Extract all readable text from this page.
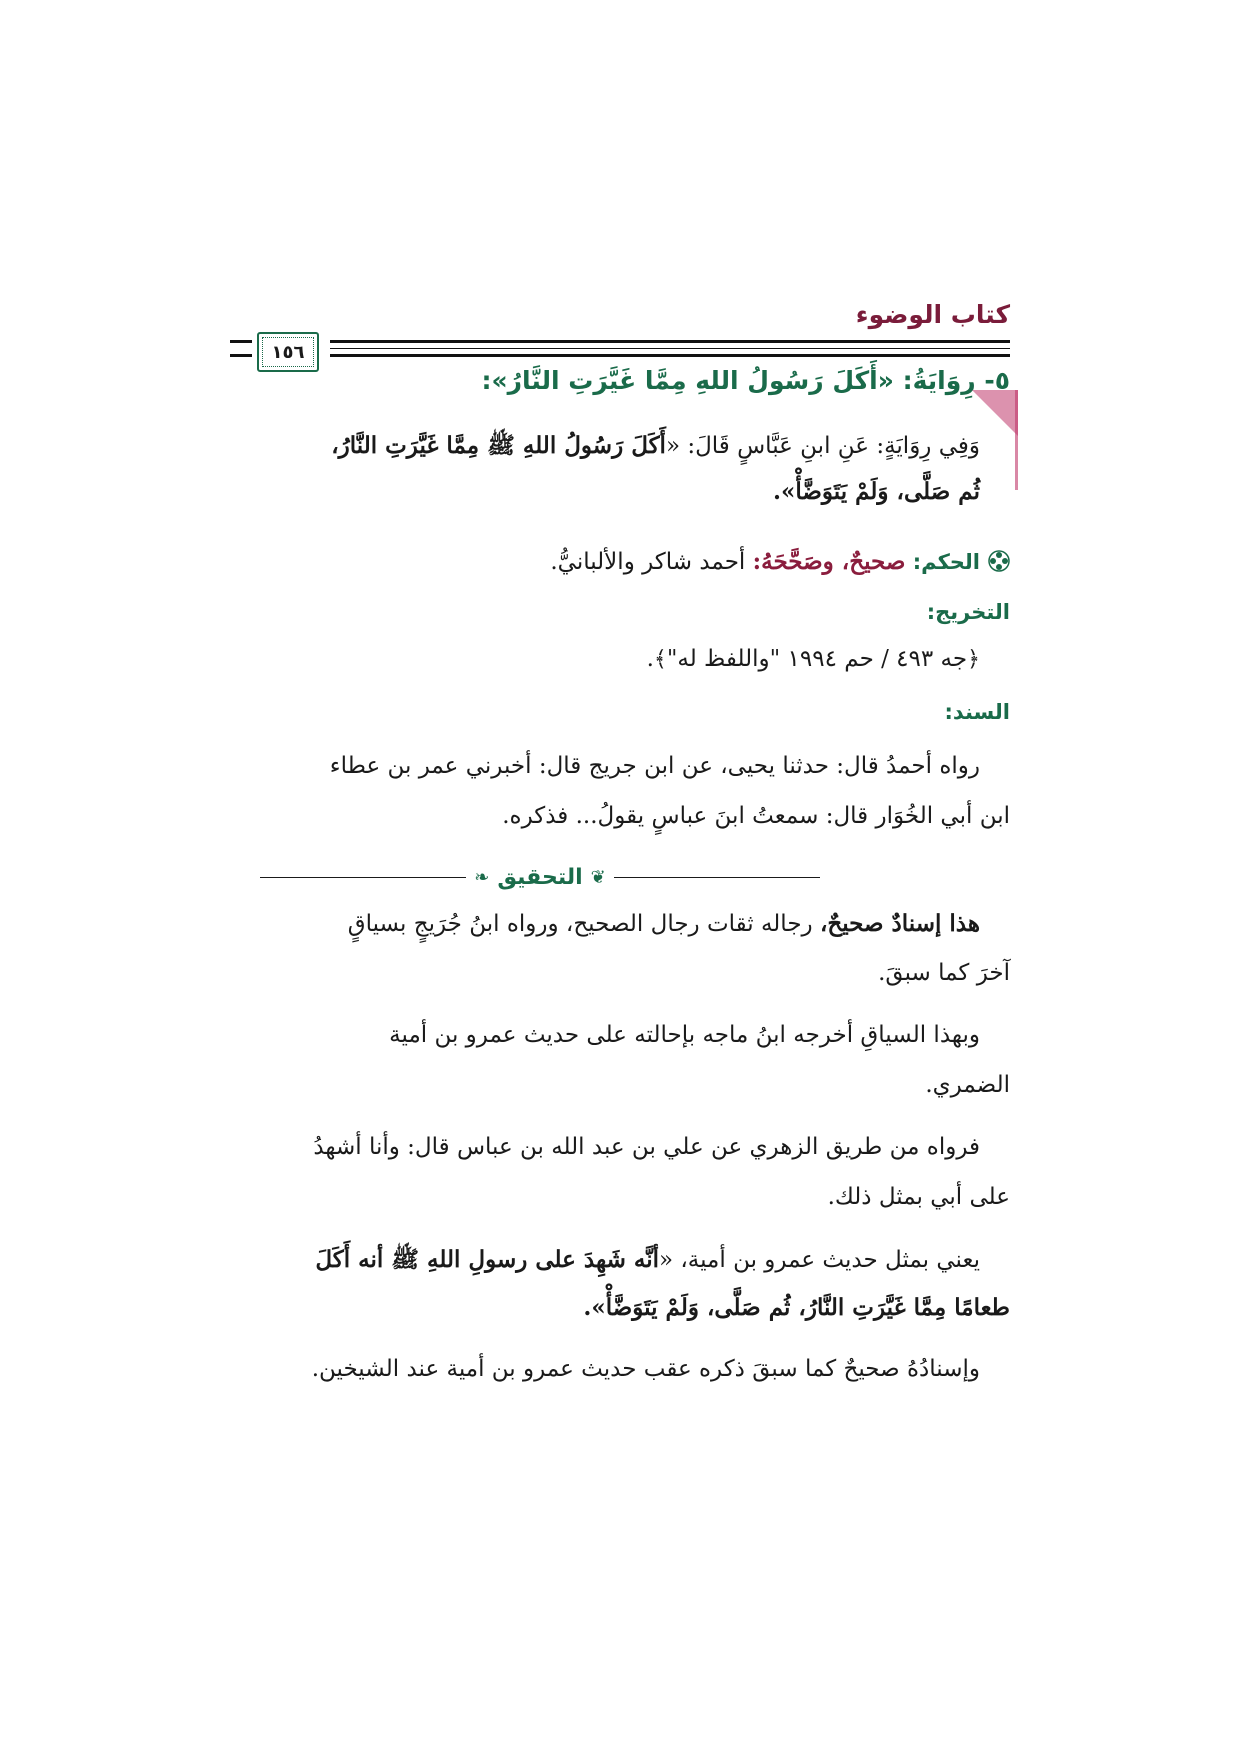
كتاب الوضوء
١٥٦
٥- رِوَايَةُ: «أَكَلَ رَسُولُ اللهِ مِمَّا غَيَّرَتِ النَّارُ»:
وَفِي رِوَايَةٍ: عَنِ ابنِ عَبَّاسٍ قَالَ: «أَكَلَ رَسُولُ اللهِ ﷺ مِمَّا غَيَّرَتِ النَّارُ،
ثُم صَلَّى، وَلَمْ يَتَوَضَّأْ».
الحكم: صحيحٌ، وصَحَّحَهُ: أحمد شاكر والألبانيُّ.
التخريج:
﴿جه ٤٩٣ / حم ١٩٩٤ "واللفظ له"﴾.
السند:
رواه أحمدُ قال: حدثنا يحيى، عن ابن جريج قال: أخبرني عمر بن عطاء
ابن أبي الخُوَار قال: سمعتُ ابنَ عباسٍ يقولُ... فذكره.
❦
التحقيق
❧
هذا إسنادٌ صحيحٌ، رجاله ثقات رجال الصحيح، ورواه ابنُ جُرَيجٍ بسياقٍ
آخرَ كما سبقَ.
وبهذا السياقِ أخرجه ابنُ ماجه بإحالته على حديث عمرو بن أمية
الضمري.
فرواه من طريق الزهري عن علي بن عبد الله بن عباس قال: وأنا أشهدُ
على أبي بمثل ذلك.
يعني بمثل حديث عمرو بن أمية، «أنَّه شَهِدَ على رسولِ اللهِ ﷺ أنه أَكَلَ
طعامًا مِمَّا غَيَّرَتِ النَّارُ، ثُم صَلَّى، وَلَمْ يَتَوَضَّأْ».
وإسنادُهُ صحيحٌ كما سبقَ ذكره عقب حديث عمرو بن أمية عند الشيخين.
